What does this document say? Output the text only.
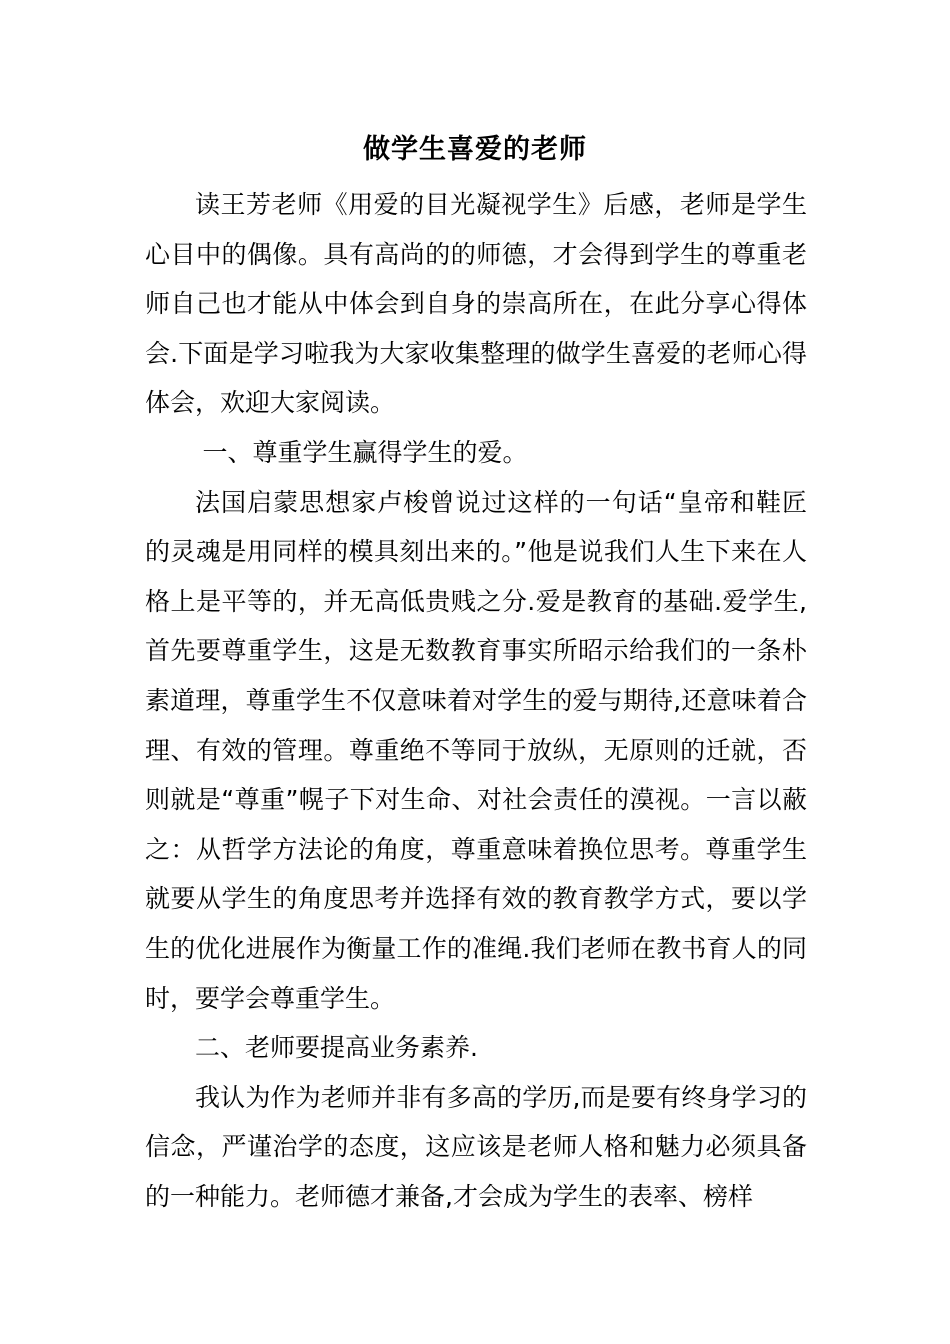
做学生喜爱的老师

读王芳老师《用爱的目光凝视学生》后感，老师是学生心目中的偶像。具有高尚的的师德，才会得到学生的尊重老师自己也才能从中体会到自身的崇高所在，在此分享心得体会.下面是学习啦我为大家收集整理的做学生喜爱的老师心得体会，欢迎大家阅读。

一、尊重学生赢得学生的爱。

法国启蒙思想家卢梭曾说过这样的一句话“皇帝和鞋匠的灵魂是用同样的模具刻出来的。”他是说我们人生下来在人格上是平等的，并无高低贵贱之分.爱是教育的基础.爱学生,首先要尊重学生，这是无数教育事实所昭示给我们的一条朴素道理，尊重学生不仅意味着对学生的爱与期待,还意味着合理、有效的管理。尊重绝不等同于放纵，无原则的迁就，否则就是“尊重”幌子下对生命、对社会责任的漠视。一言以蔽之：从哲学方法论的角度，尊重意味着换位思考。尊重学生就要从学生的角度思考并选择有效的教育教学方式，要以学生的优化进展作为衡量工作的准绳.我们老师在教书育人的同时，要学会尊重学生。

二、老师要提高业务素养.

我认为作为老师并非有多高的学历,而是要有终身学习的信念，严谨治学的态度，这应该是老师人格和魅力必须具备的一种能力。老师德才兼备,才会成为学生的表率、榜样
